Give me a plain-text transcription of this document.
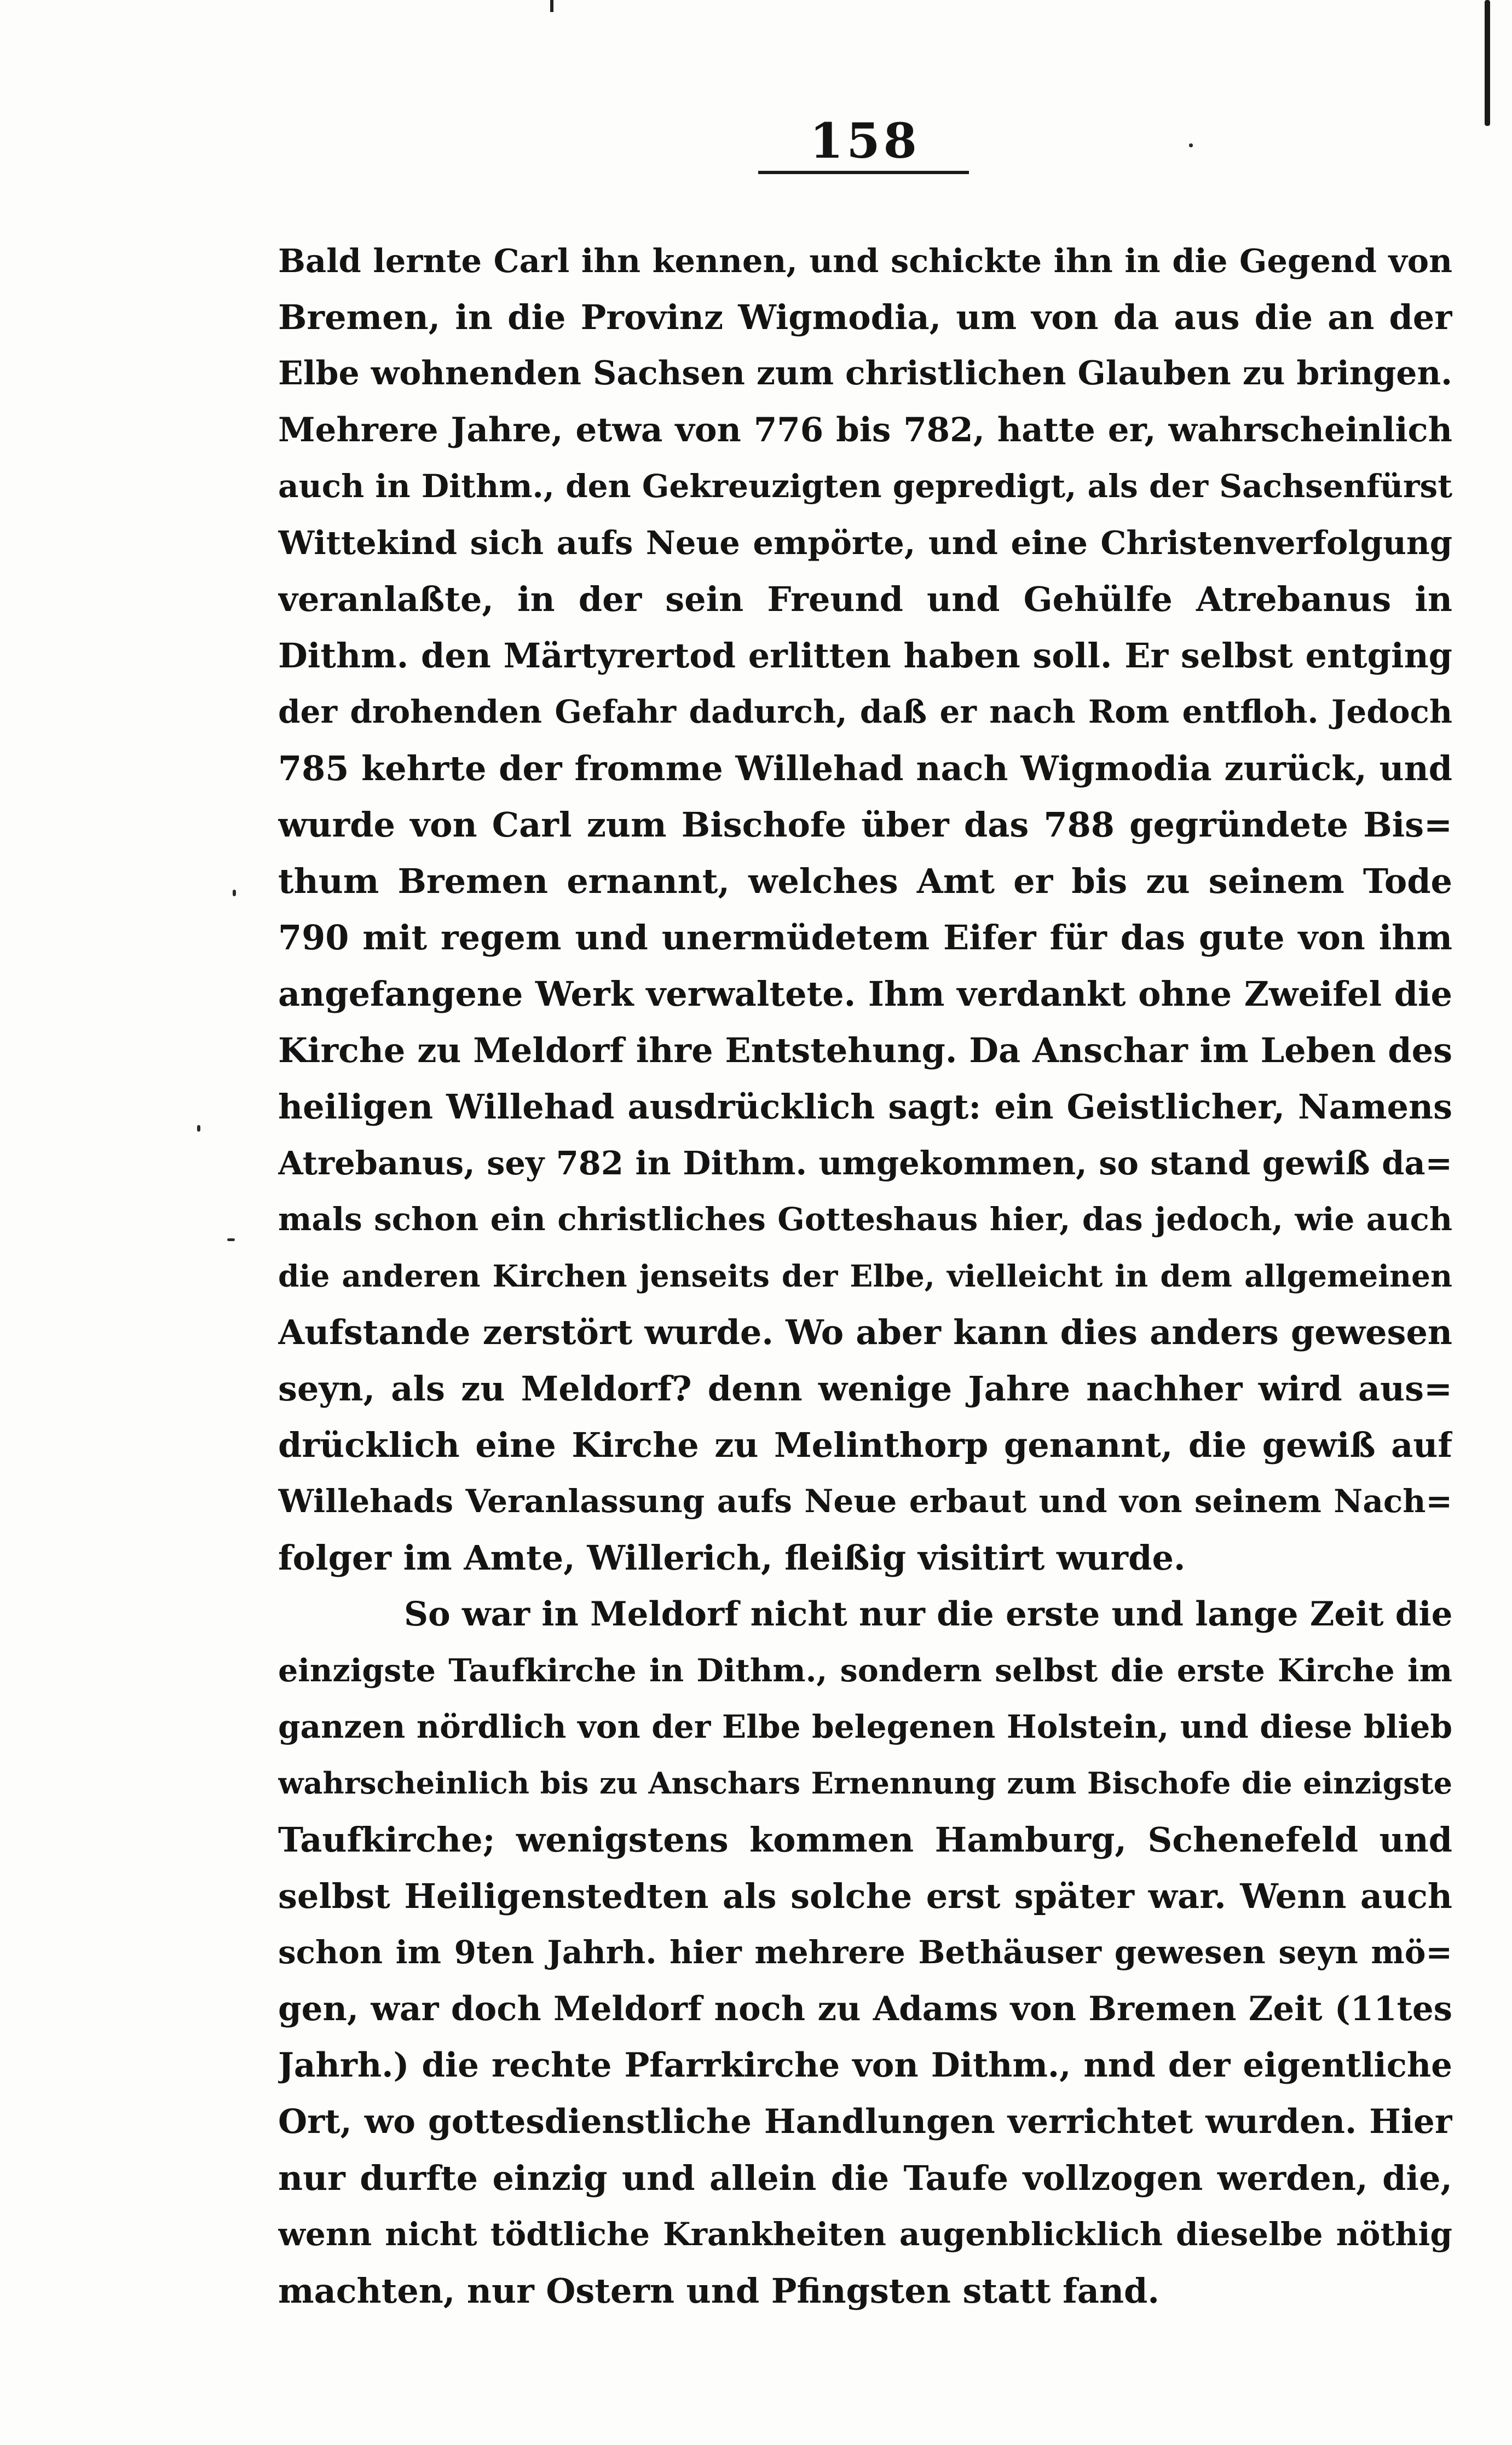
158
Bald lernte Carl ihn kennen, und schickte ihn in die Gegend von
Bremen, in die Provinz Wigmodia, um von da aus die an der
Elbe wohnenden Sachsen zum christlichen Glauben zu bringen.
Mehrere Jahre, etwa von 776 bis 782, hatte er, wahrscheinlich
auch in Dithm., den Gekreuzigten gepredigt, als der Sachsenfürst
Wittekind sich aufs Neue empörte, und eine Christenverfolgung
veranlaßte, in der sein Freund und Gehülfe Atrebanus in
Dithm. den Märtyrertod erlitten haben soll. Er selbst entging
der drohenden Gefahr dadurch, daß er nach Rom entfloh. Jedoch
785 kehrte der fromme Willehad nach Wigmodia zurück, und
wurde von Carl zum Bischofe über das 788 gegründete Bis=
thum Bremen ernannt, welches Amt er bis zu seinem Tode
790 mit regem und unermüdetem Eifer für das gute von ihm
angefangene Werk verwaltete. Ihm verdankt ohne Zweifel die
Kirche zu Meldorf ihre Entstehung. Da Anschar im Leben des
heiligen Willehad ausdrücklich sagt: ein Geistlicher, Namens
Atrebanus, sey 782 in Dithm. umgekommen, so stand gewiß da=
mals schon ein christliches Gotteshaus hier, das jedoch, wie auch
die anderen Kirchen jenseits der Elbe, vielleicht in dem allgemeinen
Aufstande zerstört wurde. Wo aber kann dies anders gewesen
seyn, als zu Meldorf? denn wenige Jahre nachher wird aus=
drücklich eine Kirche zu Melinthorp genannt, die gewiß auf
Willehads Veranlassung aufs Neue erbaut und von seinem Nach=
folger im Amte, Willerich, fleißig visitirt wurde.
So war in Meldorf nicht nur die erste und lange Zeit die
einzigste Taufkirche in Dithm., sondern selbst die erste Kirche im
ganzen nördlich von der Elbe belegenen Holstein, und diese blieb
wahrscheinlich bis zu Anschars Ernennung zum Bischofe die einzigste
Taufkirche; wenigstens kommen Hamburg, Schenefeld und
selbst Heiligenstedten als solche erst später war. Wenn auch
schon im 9ten Jahrh. hier mehrere Bethäuser gewesen seyn mö=
gen, war doch Meldorf noch zu Adams von Bremen Zeit (11tes
Jahrh.) die rechte Pfarrkirche von Dithm., nnd der eigentliche
Ort, wo gottesdienstliche Handlungen verrichtet wurden. Hier
nur durfte einzig und allein die Taufe vollzogen werden, die,
wenn nicht tödtliche Krankheiten augenblicklich dieselbe nöthig
machten, nur Ostern und Pfingsten statt fand.
